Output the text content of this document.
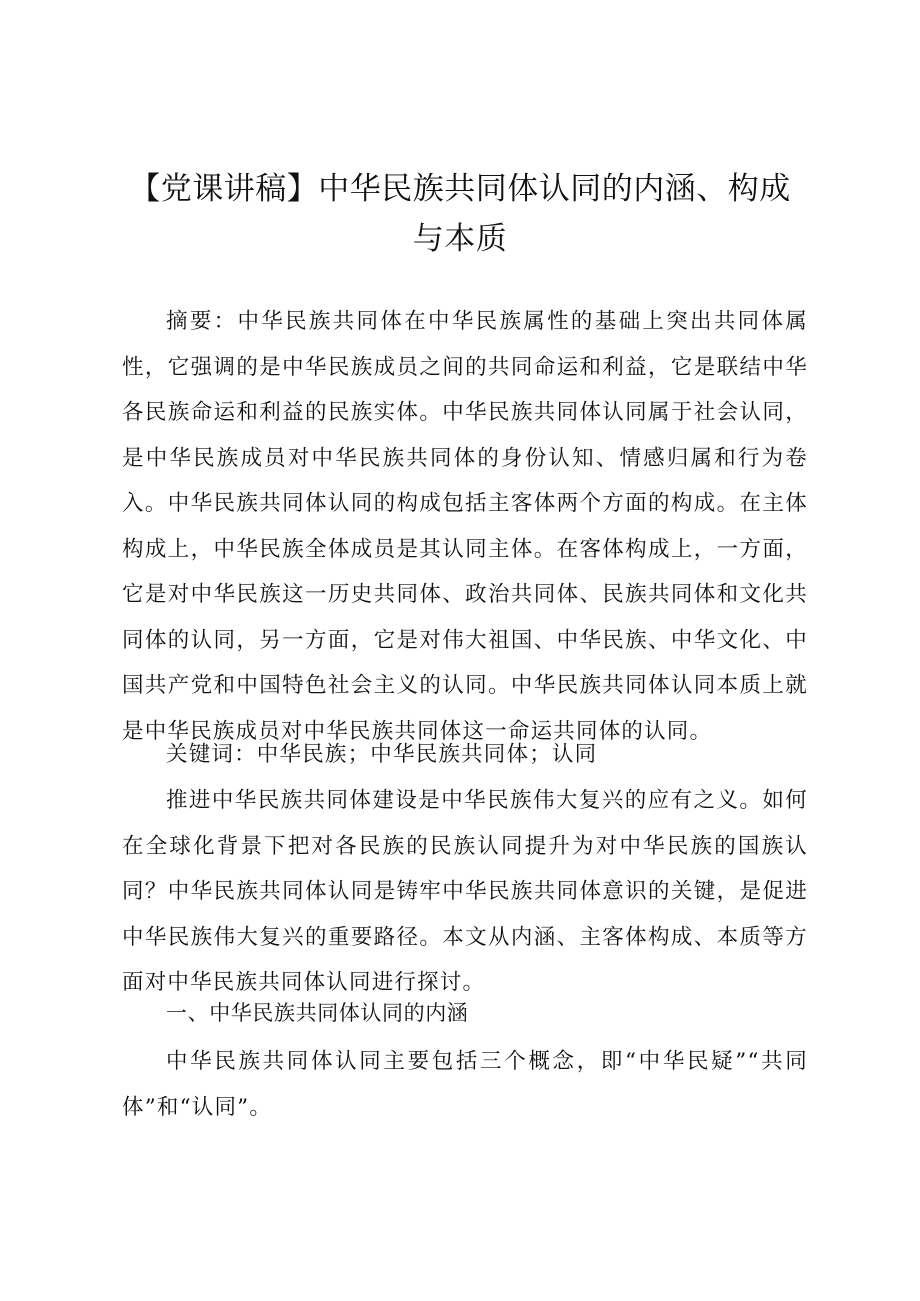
【党课讲稿】中华民族共同体认同的内涵、构成与本质

摘要：中华民族共同体在中华民族属性的基础上突出共同体属性，它强调的是中华民族成员之间的共同命运和利益，它是联结中华各民族命运和利益的民族实体。中华民族共同体认同属于社会认同，是中华民族成员对中华民族共同体的身份认知、情感归属和行为卷入。中华民族共同体认同的构成包括主客体两个方面的构成。在主体构成上，中华民族全体成员是其认同主体。在客体构成上，一方面，它是对中华民族这一历史共同体、政治共同体、民族共同体和文化共同体的认同，另一方面，它是对伟大祖国、中华民族、中华文化、中国共产党和中国特色社会主义的认同。中华民族共同体认同本质上就是中华民族成员对中华民族共同体这一命运共同体的认同。

关键词：中华民族；中华民族共同体；认同

推进中华民族共同体建设是中华民族伟大复兴的应有之义。如何在全球化背景下把对各民族的民族认同提升为对中华民族的国族认同？中华民族共同体认同是铸牢中华民族共同体意识的关键，是促进中华民族伟大复兴的重要路径。本文从内涵、主客体构成、本质等方面对中华民族共同体认同进行探讨。

一、中华民族共同体认同的内涵

中华民族共同体认同主要包括三个概念，即“中华民疑”“共同体”和“认同”。
